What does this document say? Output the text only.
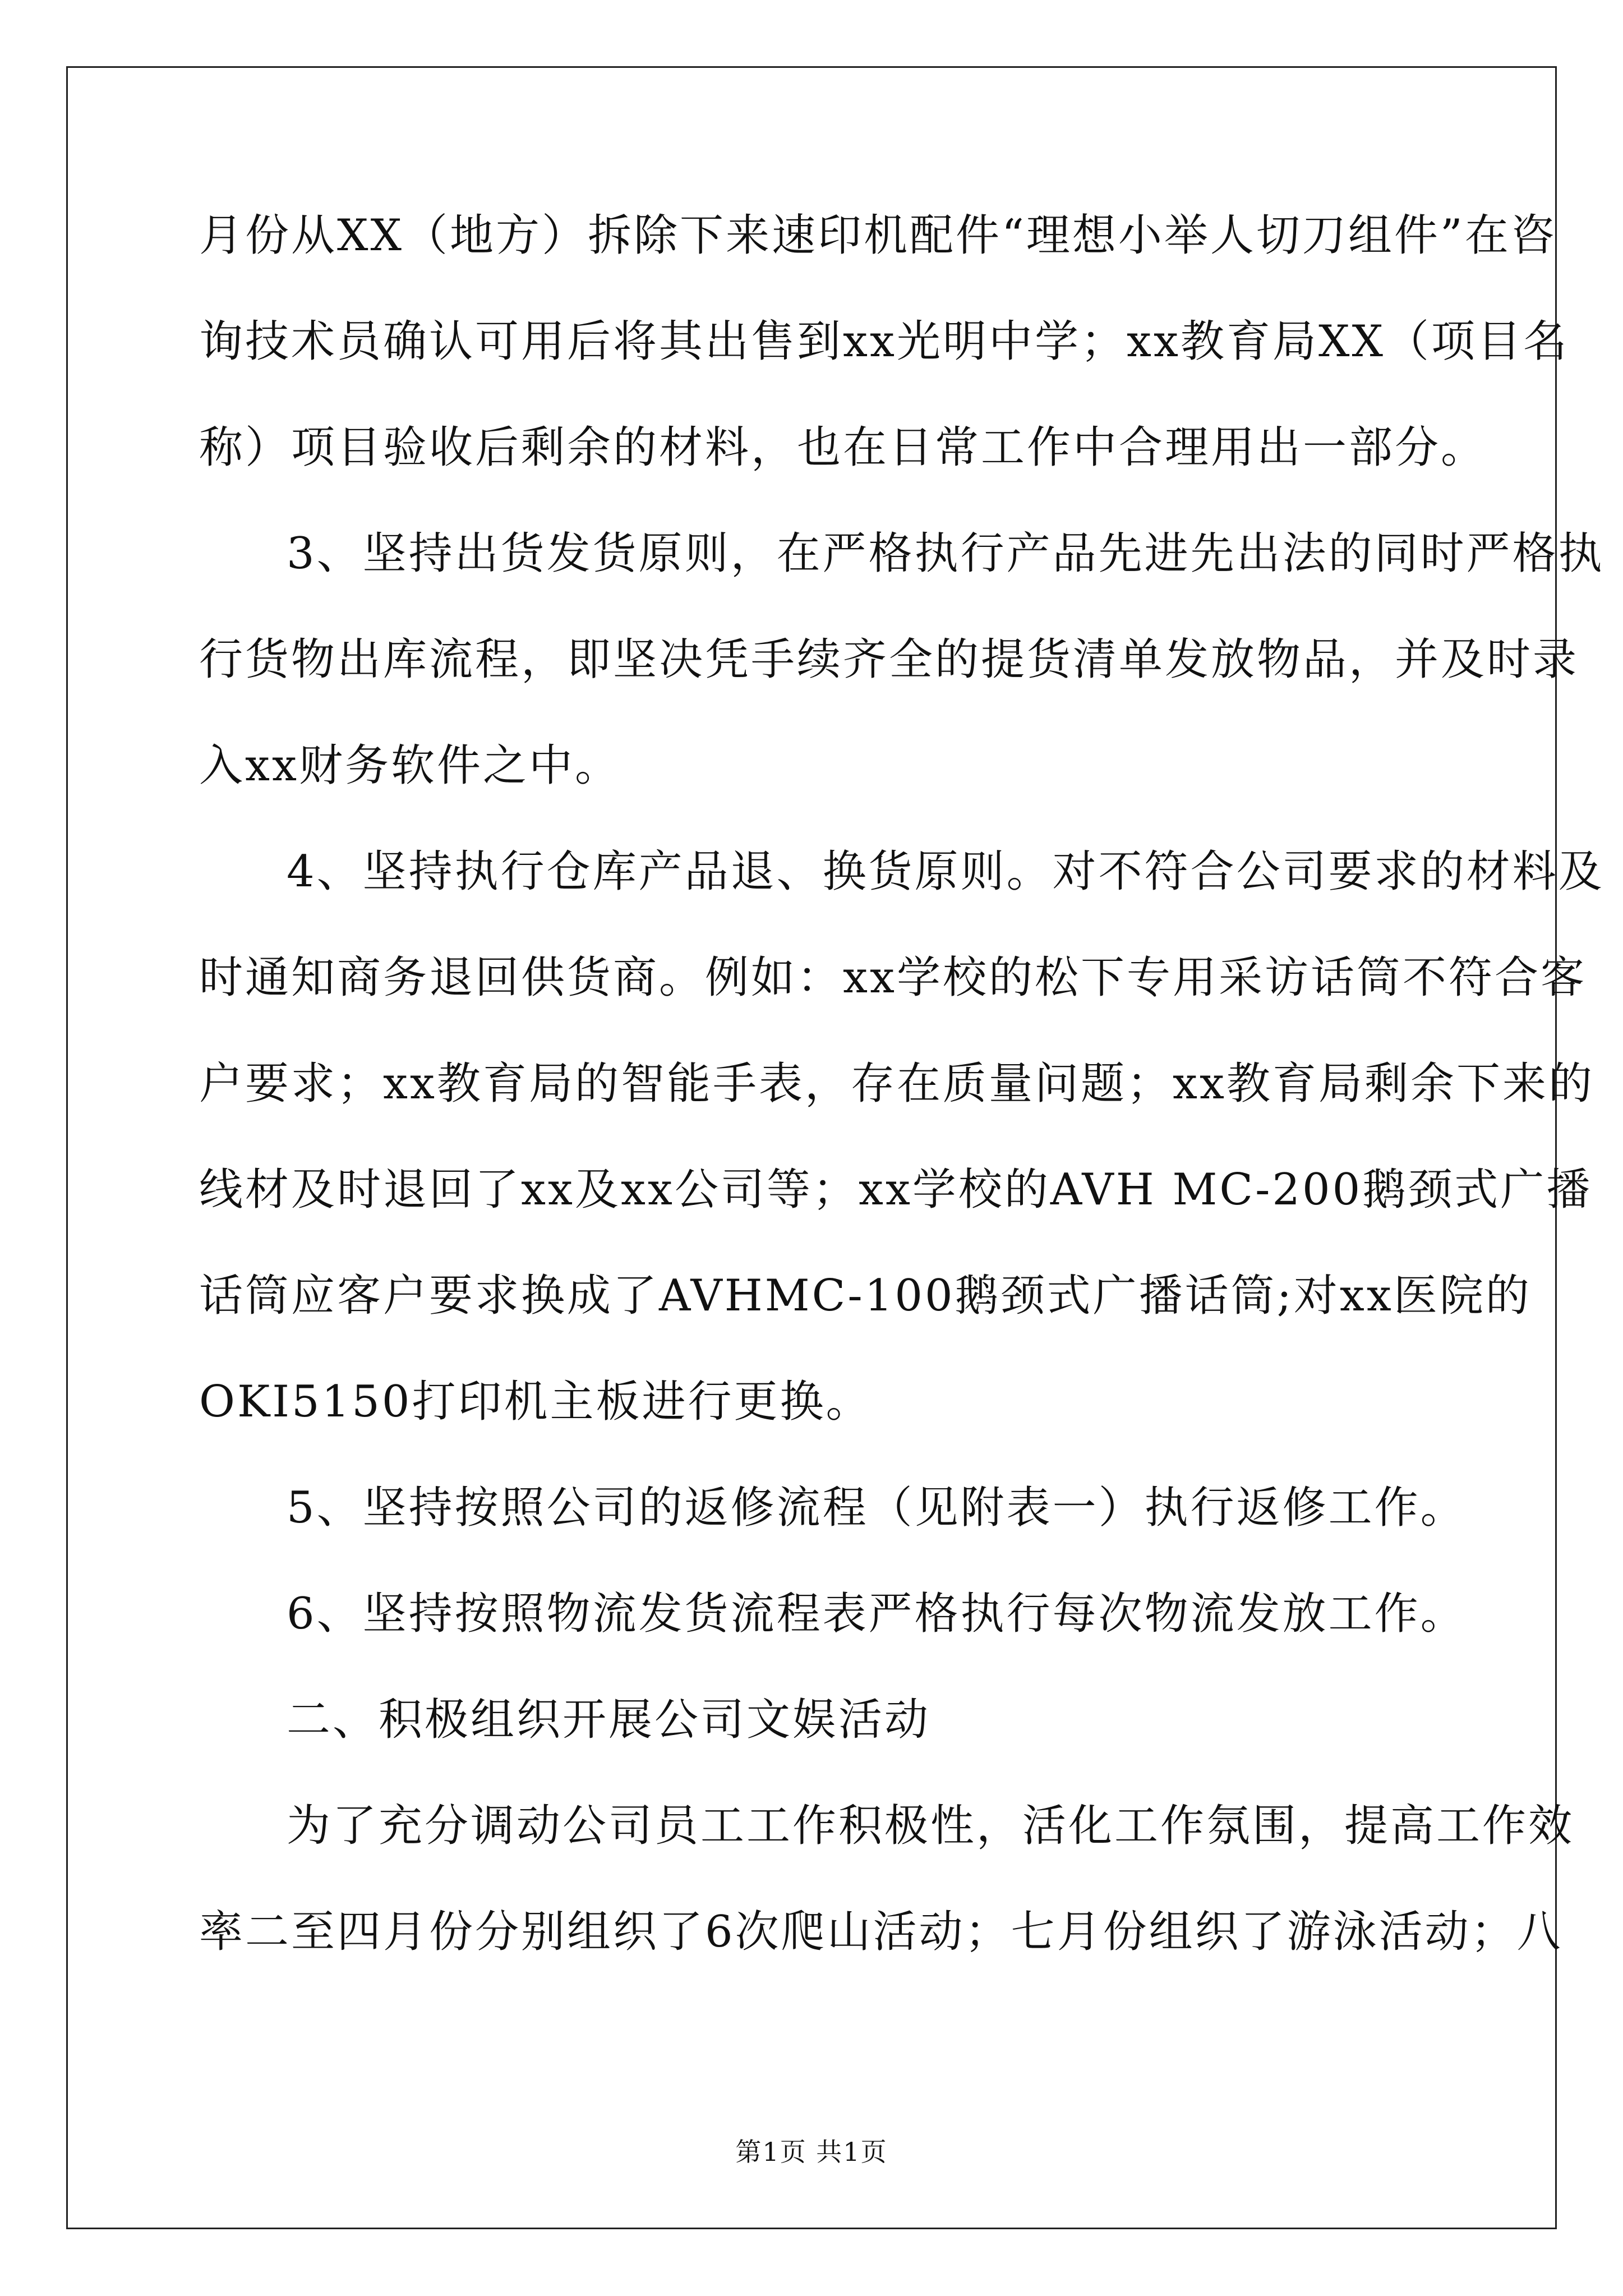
月份从XX（地方）拆除下来速印机配件“理想小举人切刀组件”在咨
询技术员确认可用后将其出售到xx光明中学；xx教育局XX（项目名
称）项目验收后剩余的材料，也在日常工作中合理用出一部分。
3、坚持出货发货原则，在严格执行产品先进先出法的同时严格执
行货物出库流程，即坚决凭手续齐全的提货清单发放物品，并及时录
入xx财务软件之中。
4、坚持执行仓库产品退、换货原则。对不符合公司要求的材料及
时通知商务退回供货商。例如：xx学校的松下专用采访话筒不符合客
户要求；xx教育局的智能手表，存在质量问题；xx教育局剩余下来的
线材及时退回了xx及xx公司等；xx学校的AVH MC-200鹅颈式广播
话筒应客户要求换成了AVHMC-100鹅颈式广播话筒;对xx医院的
OKI5150打印机主板进行更换。
5、坚持按照公司的返修流程（见附表一）执行返修工作。
6、坚持按照物流发货流程表严格执行每次物流发放工作。
二、积极组织开展公司文娱活动
为了充分调动公司员工工作积极性，活化工作氛围，提高工作效
率二至四月份分别组织了6次爬山活动；七月份组织了游泳活动；八
第1页 共1页
